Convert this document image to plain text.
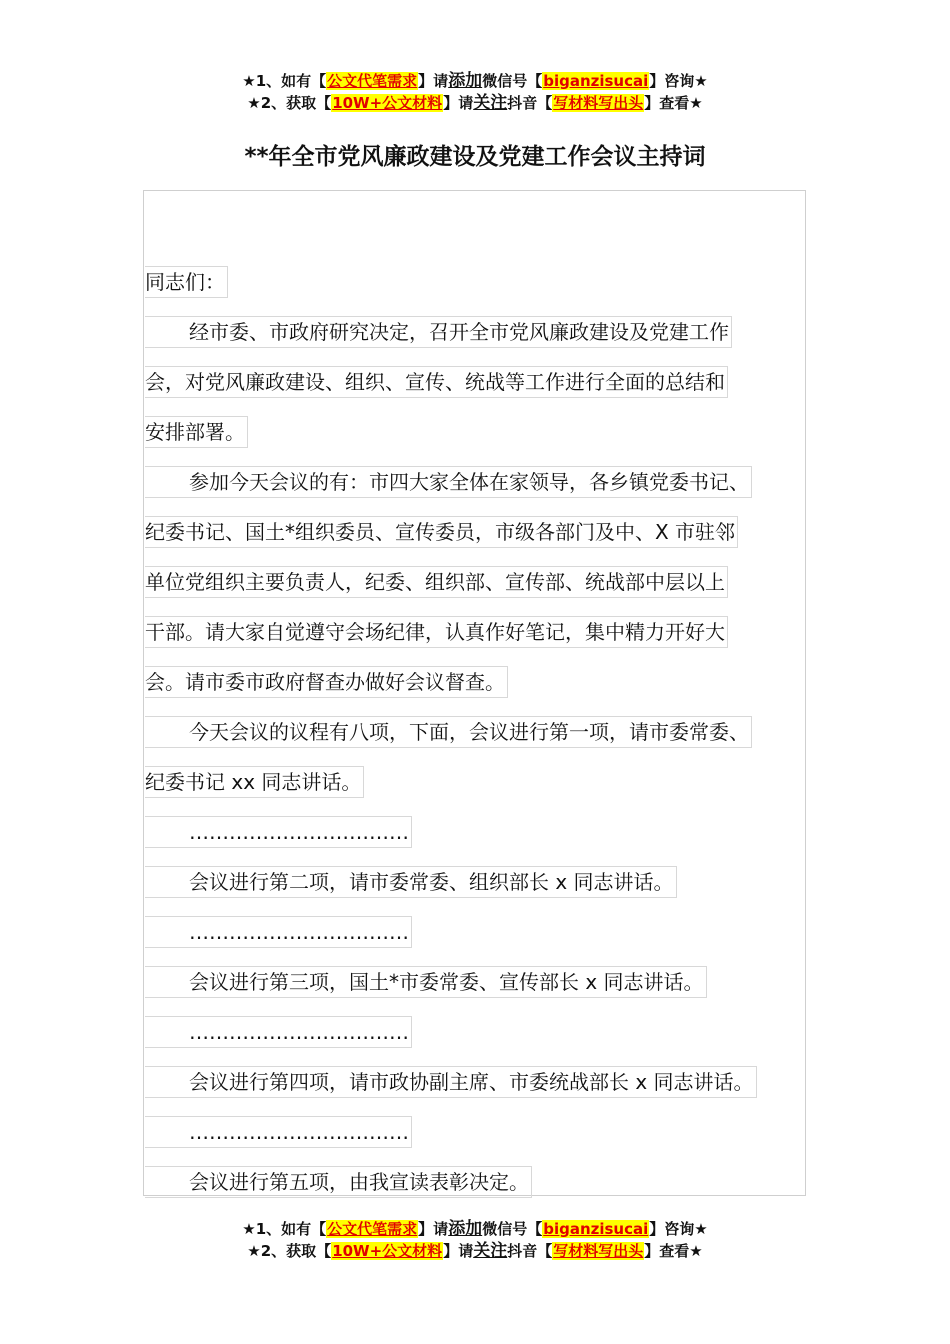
★1、如有【公文代笔需求】请添加微信号【biganzisucai】咨询★
★2、获取【10W+公文材料】请关注抖音【写材料写出头】查看★
**年全市党风廉政建设及党建工作会议主持词
同志们：
经市委、市政府研究决定，召开全市党风廉政建设及党建工作
会，对党风廉政建设、组织、宣传、统战等工作进行全面的总结和
安排部署。
参加今天会议的有：市四大家全体在家领导，各乡镇党委书记、
纪委书记、国土*组织委员、宣传委员，市级各部门及中、X 市驻邻
单位党组织主要负责人，纪委、组织部、宣传部、统战部中层以上
干部。请大家自觉遵守会场纪律，认真作好笔记，集中精力开好大
会。请市委市政府督查办做好会议督查。
今天会议的议程有八项，下面，会议进行第一项，请市委常委、
纪委书记 xx 同志讲话。
……………………………
会议进行第二项，请市委常委、组织部长 x 同志讲话。
……………………………
会议进行第三项，国土*市委常委、宣传部长 x 同志讲话。
……………………………
会议进行第四项，请市政协副主席、市委统战部长 x 同志讲话。
……………………………
会议进行第五项，由我宣读表彰决定。
★1、如有【公文代笔需求】请添加微信号【biganzisucai】咨询★
★2、获取【10W+公文材料】请关注抖音【写材料写出头】查看★
